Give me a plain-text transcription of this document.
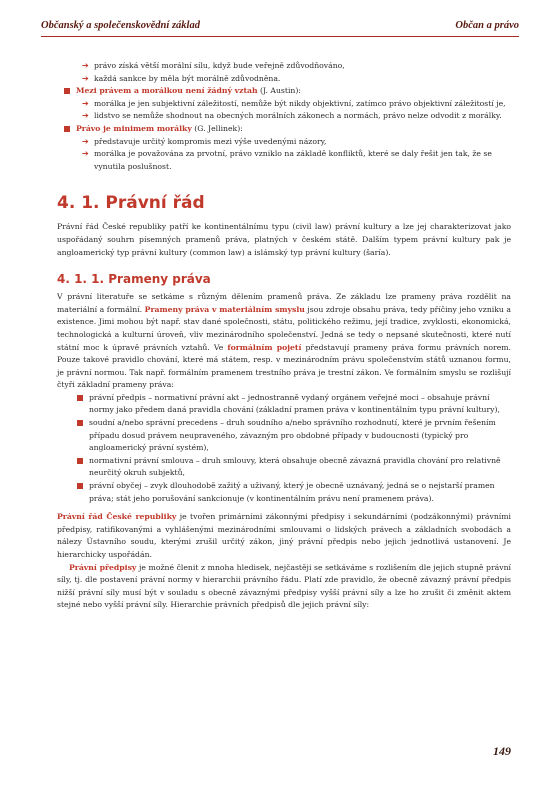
Občanský a společenskovědní základ	Občan a právo
➔ právo získá větší morální sílu, když bude veřejně zdůvodňováno,
➔ každá sankce by měla být morálně zdůvodněna.
Mezi právem a morálkou není žádný vztah (J. Austin):
➔ morálka je jen subjektivní záležitostí, nemůže být nikdy objektivní, zatímco právo objektivní záležitostí je,
➔ lidstvo se nemůže shodnout na obecných morálních zákonech a normách, právo nelze odvodit z morálky.
Právo je minimem morálky (G. Jellinek):
➔ představuje určitý kompromis mezi výše uvedenými názory,
➔ morálka je považována za prvotní, právo vzniklo na základě konfliktů, které se daly řešit jen tak, že se vynutila poslušnost.
4. 1. Právní řád

Právní řád České republiky patří ke kontinentálnímu typu (civil law) právní kultury a lze jej charakterizovat jako uspořádaný souhrn písemných pramenů práva, platných v českém státě. Dalším typem právní kultury pak je angloamerický typ právní kultury (common law) a islámský typ právní kultury (šaría).

4. 1. 1. Prameny práva

V právní literatuře se setkáme s různým dělením pramenů práva. Ze základu lze prameny práva rozdělit na materiální a formální. Prameny práva v materiálním smyslu jsou zdroje obsahu práva, tedy příčiny jeho vzniku a existence. Jimi mohou být např. stav dané společnosti, státu, politického režimu, její tradice, zvyklosti, ekonomická, technologická a kulturní úroveň, vliv mezinárodního společenství. Jedná se tedy o nepsané skutečnosti, které nutí státní moc k úpravě právních vztahů. Ve formálním pojetí představují prameny práva formu právních norem. Pouze takové pravidlo chování, které má státem, resp. v mezinárodním právu společenstvím států uznanou formu, je právní normou. Tak např. formálním pramenem trestního práva je trestní zákon. Ve formálním smyslu se rozlišují čtyři základní prameny práva:

právní předpis – normativní právní akt – jednostranně vydaný orgánem veřejné moci – obsahuje právní normy jako předem daná pravidla chování (základní pramen práva v kontinentálním typu právní kultury),
soudní a/nebo správní precedens – druh soudního a/nebo správního rozhodnutí, které je prvním řešením případu dosud právem neupraveného, závazným pro obdobné případy v budoucnosti (typický pro angloamerický právní systém),
normativní právní smlouva – druh smlouvy, která obsahuje obecně závazná pravidla chování pro relativně neurčitý okruh subjektů,
právní obyčej – zvyk dlouhodobě zažitý a uživaný, který je obecně uznávaný, jedná se o nejstarší pramen práva; stát jeho porušování sankcionuje (v kontinentálním právu není pramenem práva).

Právní řád České republiky je tvořen primárními zákonnými předpisy i sekundárními (podzákonnými) právními předpisy, ratifikovanými a vyhlášenými mezinárodními smlouvami o lidských právech a základních svobodách a nálezy Ústavního soudu, kterými zrušil určitý zákon, jiný právní předpis nebo jejich jednotlivá ustanovení. Je hierarchicky uspořádán.

Právní předpisy je možné členit z mnoha hledisek, nejčastěji se setkáváme s rozlišením dle jejich stupně právní síly, tj. dle postavení právní normy v hierarchii právního řádu. Platí zde pravidlo, že obecně závazný právní předpis nižší právní síly musí být v souladu s obecně závaznými předpisy vyšší právní síly a lze ho zrušit či změnit aktem stejné nebo vyšší právní síly. Hierarchie právních předpisů dle jejich právní síly:

149
